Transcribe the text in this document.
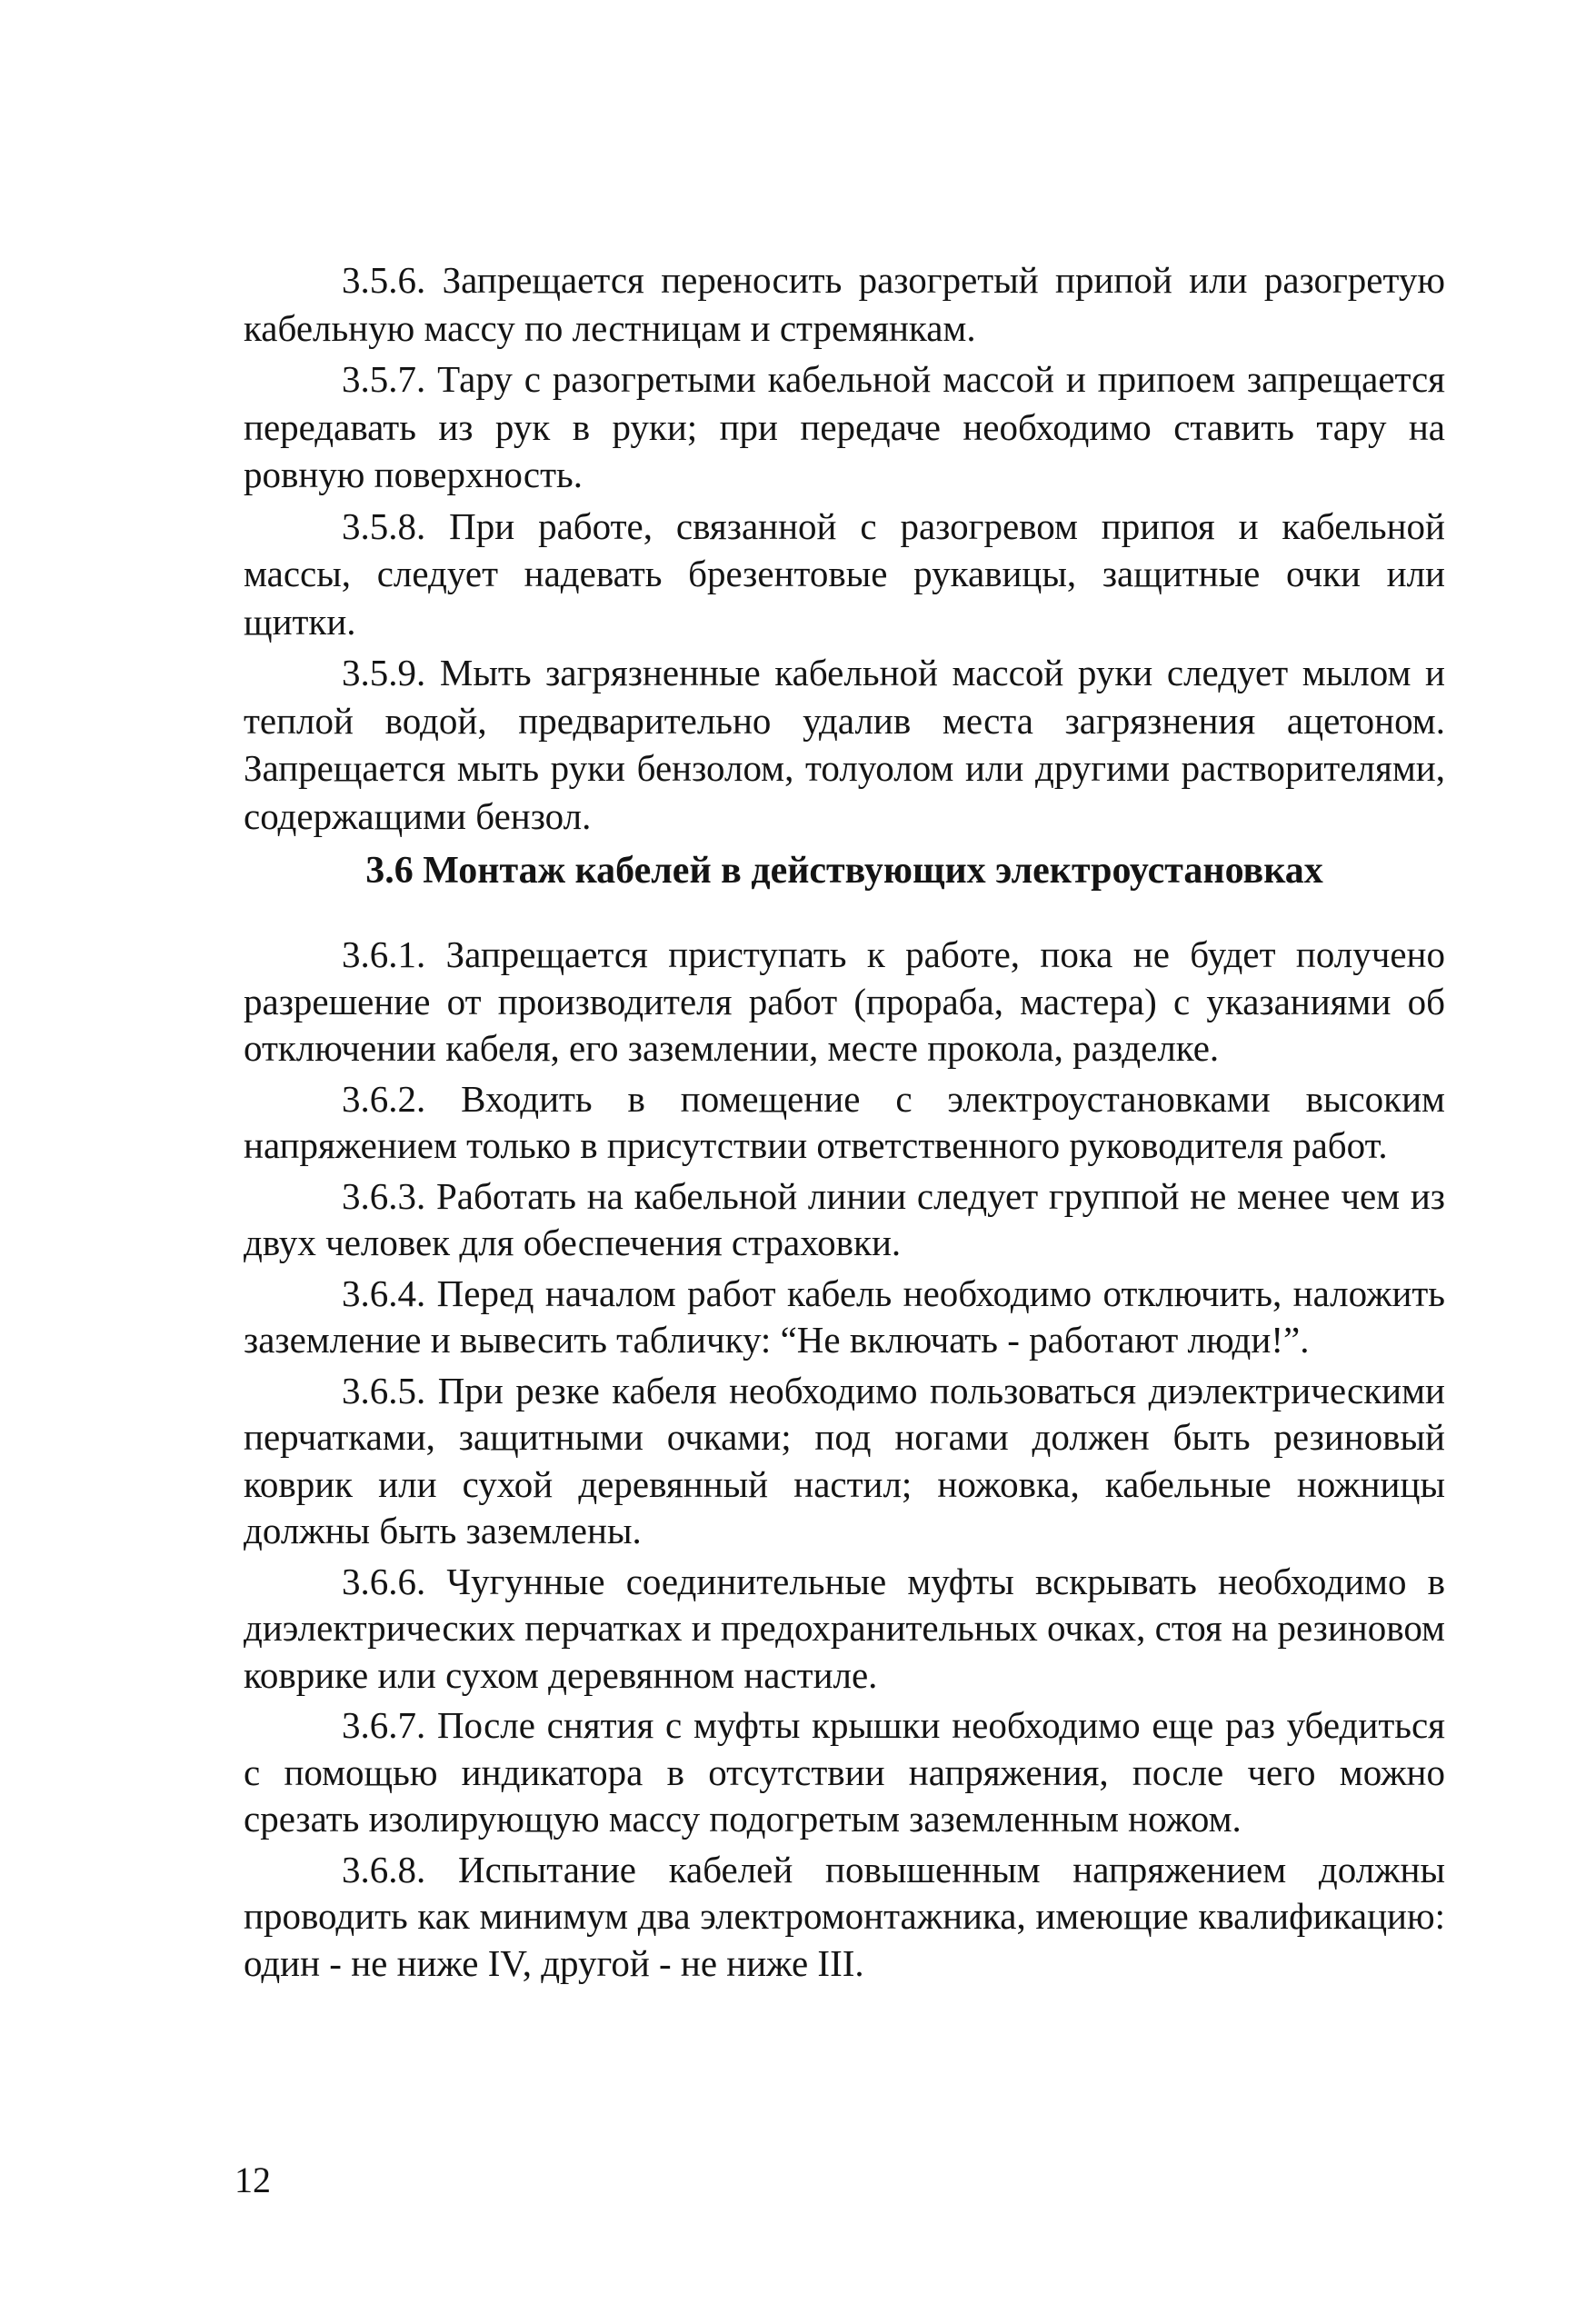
3.5.6. Запрещается переносить разогретый припой или разогретую кабельную массу по лестницам и стремянкам.

3.5.7. Тару с разогретыми кабельной массой и припоем запрещается передавать из рук в руки; при передаче необходимо ставить тару на ровную поверхность.

3.5.8. При работе, связанной с разогревом припоя и кабельной массы, следует надевать брезентовые рукавицы, защитные очки или щитки.

3.5.9. Мыть загрязненные кабельной массой руки следует мылом и теплой водой, предварительно удалив места загрязнения ацетоном. Запрещается мыть руки бензолом, толуолом или другими растворителями, содержащими бензол.

3.6 Монтаж кабелей в действующих электроустановках

3.6.1. Запрещается приступать к работе, пока не будет получено разрешение от производителя работ (прораба, мастера) с указаниями об отключении кабеля, его заземлении, месте прокола, разделке.

3.6.2. Входить в помещение с электроустановками высоким напряжением только в присутствии ответственного руководителя работ.

3.6.3. Работать на кабельной линии следует группой не менее чем из двух человек для обеспечения страховки.

3.6.4. Перед началом работ кабель необходимо отключить, наложить заземление и вывесить табличку: “Не включать - работают люди!”.

3.6.5. При резке кабеля необходимо пользоваться диэлектрическими перчатками, защитными очками; под ногами должен быть резиновый коврик или сухой деревянный настил; ножовка, кабельные ножницы должны быть заземлены.

3.6.6. Чугунные соединительные муфты вскрывать необходимо в диэлектрических перчатках и предохранительных очках, стоя на резиновом коврике или сухом деревянном настиле.

3.6.7. После снятия с муфты крышки необходимо еще раз убедиться с помощью индикатора в отсутствии напряжения, после чего можно срезать изолирующую массу подогретым заземленным ножом.

3.6.8. Испытание кабелей повышенным напряжением должны проводить как минимум два электромонтажника, имеющие квалификацию: один - не ниже IV, другой - не ниже III.

12
